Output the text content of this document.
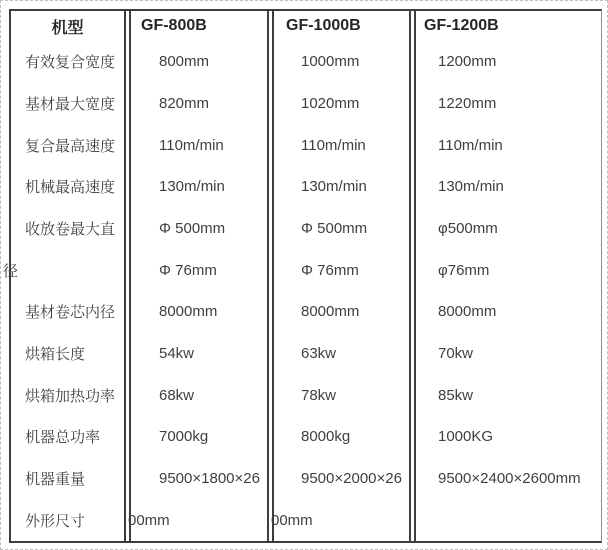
机型
有效复合宽度
基材最大宽度
复合最高速度
机械最高速度
收放卷最大直
径
基材卷芯内径
烘箱长度
烘箱加热功率
机器总功率
机器重量
外形尺寸
GF-800B
800mm
820mm
110m/min
130m/min
Φ 500mm
Φ 76mm
8000mm
54kw
68kw
7000kg
9500×1800×26
00mm
GF-1000B
1000mm
1020mm
110m/min
130m/min
Φ 500mm
Φ 76mm
8000mm
63kw
78kw
8000kg
9500×2000×26
00mm
GF-1200B
1200mm
1220mm
110m/min
130m/min
φ500mm
φ76mm
8000mm
70kw
85kw
1000KG
9500×2400×2600mm
